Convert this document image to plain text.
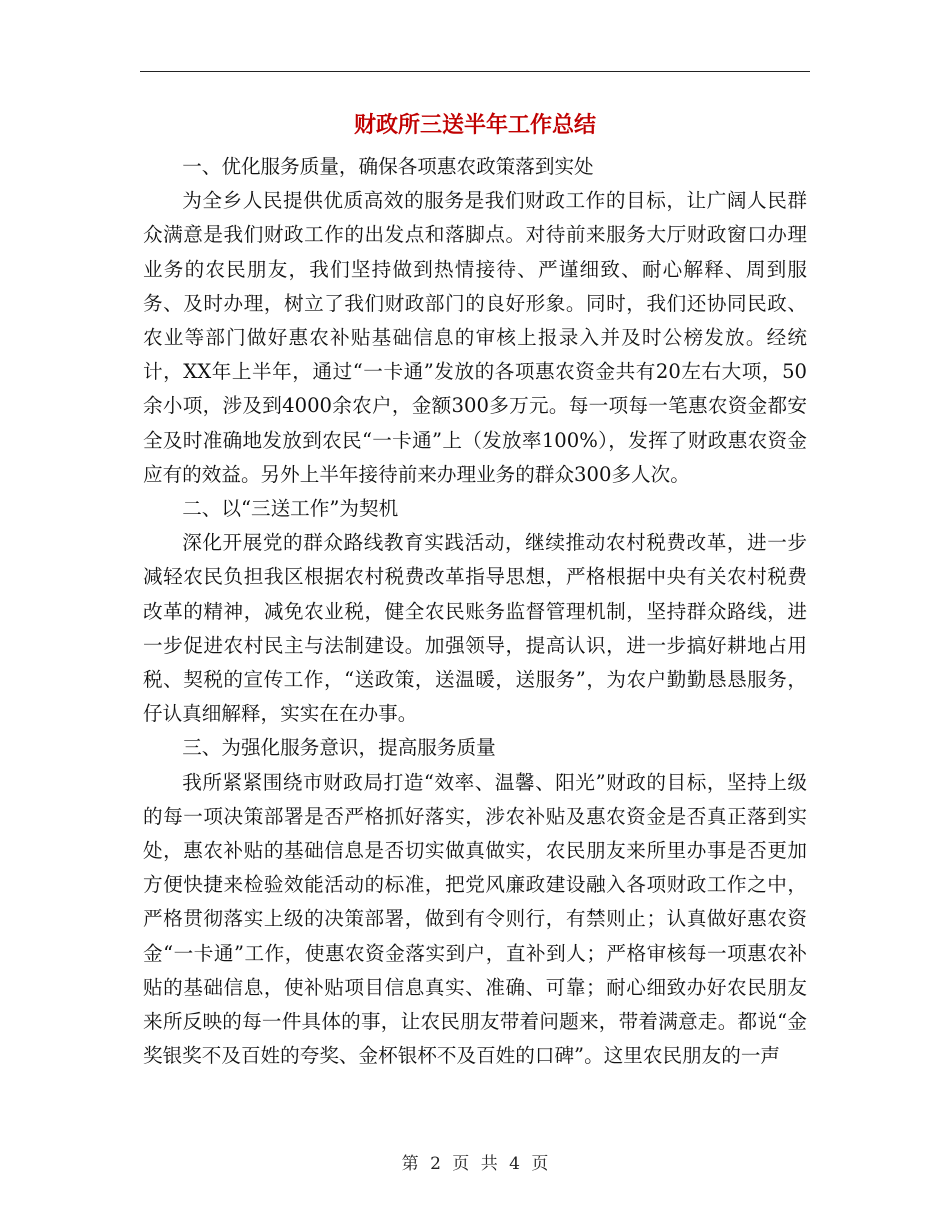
财政所三送半年工作总结

一、优化服务质量，确保各项惠农政策落到实处

为全乡人民提供优质高效的服务是我们财政工作的目标，让广阔人民群众满意是我们财政工作的出发点和落脚点。对待前来服务大厅财政窗口办理业务的农民朋友，我们坚持做到热情接待、严谨细致、耐心解释、周到服务、及时办理，树立了我们财政部门的良好形象。同时，我们还协同民政、农业等部门做好惠农补贴基础信息的审核上报录入并及时公榜发放。经统计，XX年上半年，通过“一卡通”发放的各项惠农资金共有20左右大项，50余小项，涉及到4000余农户，金额300多万元。每一项每一笔惠农资金都安全及时准确地发放到农民“一卡通”上（发放率100%），发挥了财政惠农资金应有的效益。另外上半年接待前来办理业务的群众300多人次。

二、以“三送工作”为契机

深化开展党的群众路线教育实践活动，继续推动农村税费改革，进一步减轻农民负担我区根据农村税费改革指导思想，严格根据中央有关农村税费改革的精神，减免农业税，健全农民账务监督管理机制，坚持群众路线，进一步促进农村民主与法制建设。加强领导，提高认识，进一步搞好耕地占用税、契税的宣传工作，“送政策，送温暖，送服务”，为农户勤勤恳恳服务，仔认真细解释，实实在在办事。

三、为强化服务意识，提高服务质量

我所紧紧围绕市财政局打造“效率、温馨、阳光”财政的目标，坚持上级的每一项决策部署是否严格抓好落实，涉农补贴及惠农资金是否真正落到实处，惠农补贴的基础信息是否切实做真做实，农民朋友来所里办事是否更加方便快捷来检验效能活动的标准，把党风廉政建设融入各项财政工作之中，严格贯彻落实上级的决策部署，做到有令则行，有禁则止；认真做好惠农资金“一卡通”工作，使惠农资金落实到户，直补到人；严格审核每一项惠农补贴的基础信息，使补贴项目信息真实、准确、可靠；耐心细致办好农民朋友来所反映的每一件具体的事，让农民朋友带着问题来，带着满意走。都说“金奖银奖不及百姓的夸奖、金杯银杯不及百姓的口碑”。这里农民朋友的一声

第 2 页 共 4 页
